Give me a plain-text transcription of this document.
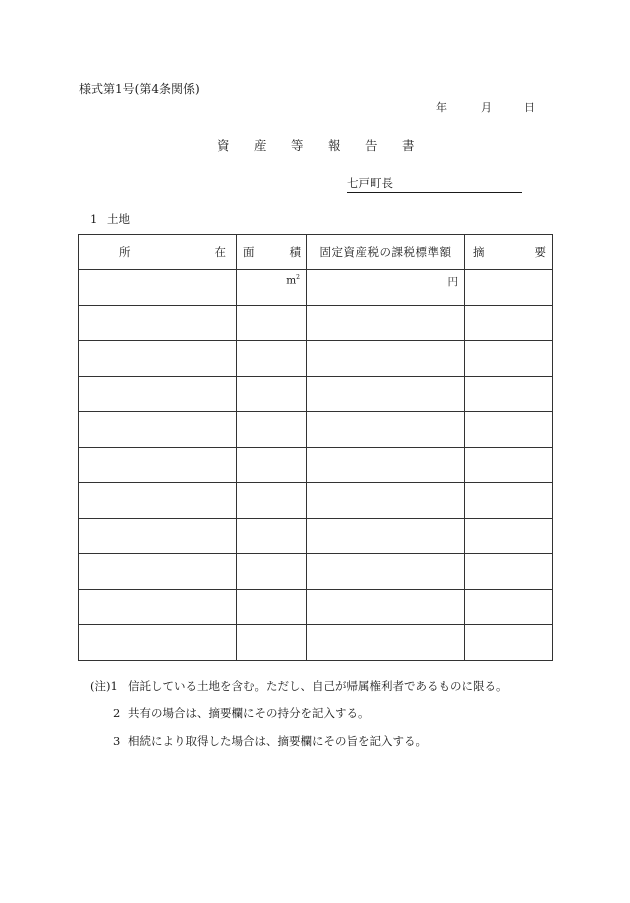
様式第1号(第4条関係)
年	月	日
資 産 等 報 告 書
七戸町長
1 土地
所 在	面 積	固定資産税の課税標準額	摘 要

	$m^2$	円	

(注)1 信託している土地を含む。ただし、自己が帰属権利者であるものに限る。
2 共有の場合は、摘要欄にその持分を記入する。
3 相続により取得した場合は、摘要欄にその旨を記入する。
